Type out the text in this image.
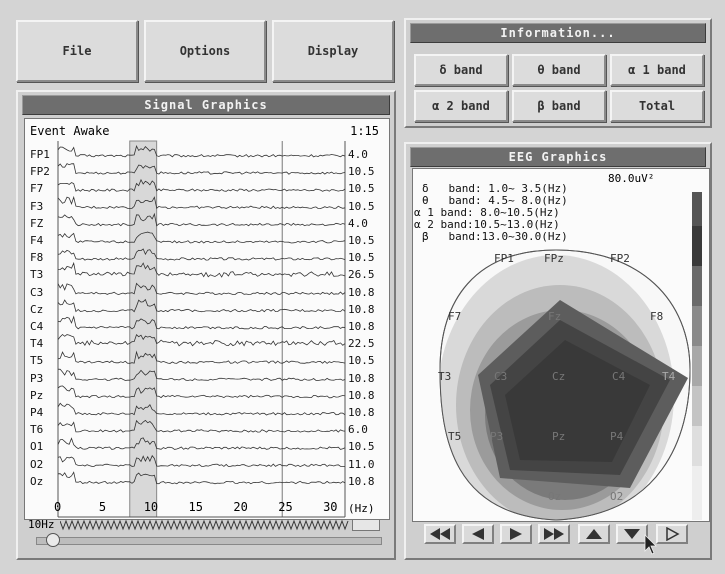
File	Options	Display
Information...
δ band	θ band	α 1 band
α 2 band	β band	Total
Signal Graphics
Event Awake	1:15
FP1	4.0
FP2	10.5
F7	10.5
F3	10.5
FZ	4.0
F4	10.5
F8	10.5
T3	26.5
C3	10.8
Cz	10.8
C4	10.8
T4	22.5
T5	10.5
P3	10.8
Pz	10.8
P4	10.8
T6	6.0
O1	10.5
O2	11.0
Oz	10.8
0	5	10	15	20	25	30 (Hz)
10Hz
EEG Graphics
80.0uV²
δ   band: 1.0~ 3.5(Hz)
θ   band: 4.5~ 8.0(Hz)
α 1 band: 8.0~10.5(Hz)
α 2 band:10.5~13.0(Hz)
β   band:13.0~30.0(Hz)
FP1	FPz	FP2
F7	Fz	F8
T3	C3	Cz	C4	T4
T5	P3	Pz	P4
Oz	O2
